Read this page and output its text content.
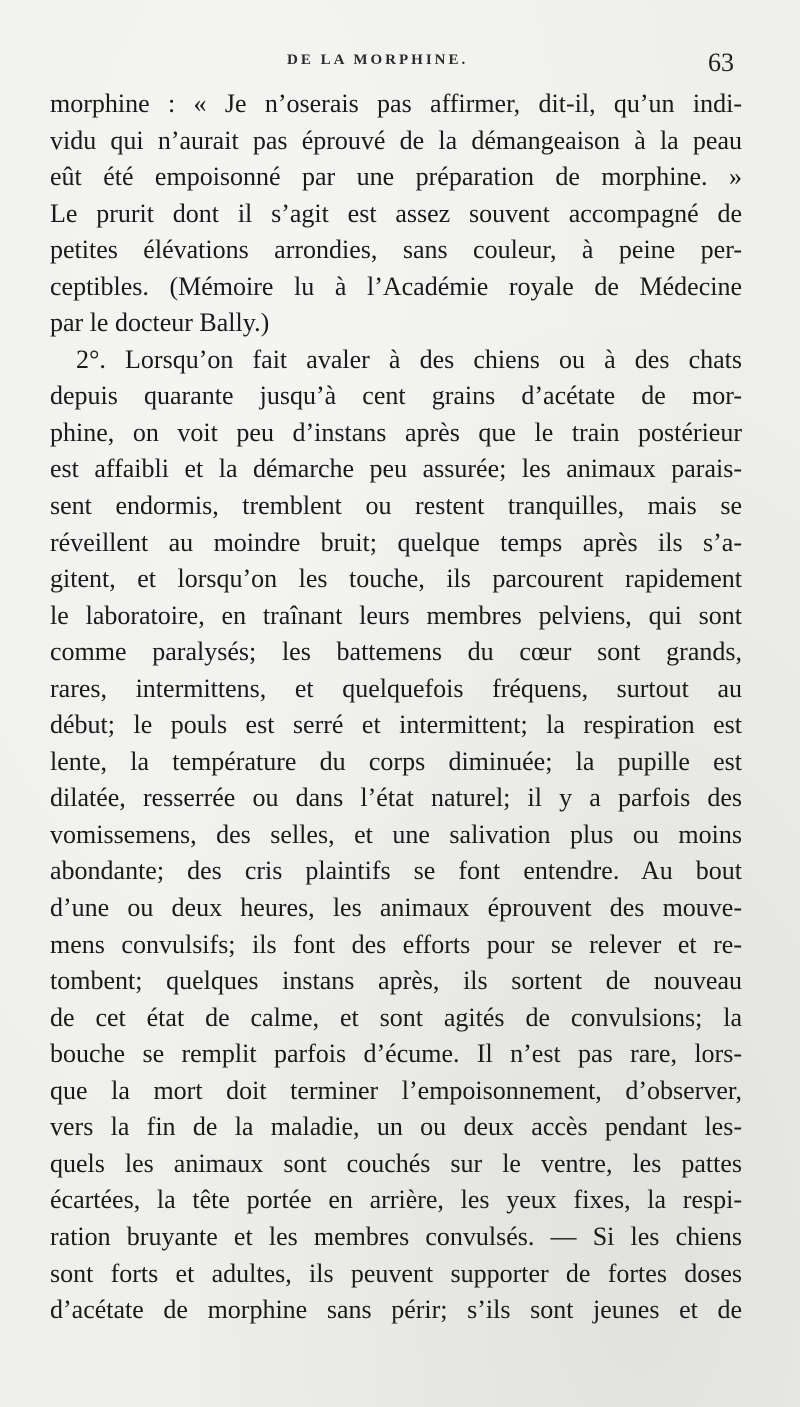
DE LA MORPHINE.	63
morphine : « Je n’oserais pas affirmer, dit-il, qu’un indi-
vidu qui n’aurait pas éprouvé de la démangeaison à la peau
eût été empoisonné par une préparation de morphine. »
Le prurit dont il s’agit est assez souvent accompagné de
petites élévations arrondies, sans couleur, à peine per-
ceptibles. (Mémoire lu à l’Académie royale de Médecine
par le docteur Bally.)
2°. Lorsqu’on fait avaler à des chiens ou à des chats
depuis quarante jusqu’à cent grains d’acétate de mor-
phine, on voit peu d’instans après que le train postérieur
est affaibli et la démarche peu assurée; les animaux parais-
sent endormis, tremblent ou restent tranquilles, mais se
réveillent au moindre bruit; quelque temps après ils s’a-
gitent, et lorsqu’on les touche, ils parcourent rapidement
le laboratoire, en traînant leurs membres pelviens, qui sont
comme paralysés; les battemens du cœur sont grands,
rares, intermittens, et quelquefois fréquens, surtout au
début; le pouls est serré et intermittent; la respiration est
lente, la température du corps diminuée; la pupille est
dilatée, resserrée ou dans l’état naturel; il y a parfois des
vomissemens, des selles, et une salivation plus ou moins
abondante; des cris plaintifs se font entendre. Au bout
d’une ou deux heures, les animaux éprouvent des mouve-
mens convulsifs; ils font des efforts pour se relever et re-
tombent; quelques instans après, ils sortent de nouveau
de cet état de calme, et sont agités de convulsions; la
bouche se remplit parfois d’écume. Il n’est pas rare, lors-
que la mort doit terminer l’empoisonnement, d’observer,
vers la fin de la maladie, un ou deux accès pendant les-
quels les animaux sont couchés sur le ventre, les pattes
écartées, la tête portée en arrière, les yeux fixes, la respi-
ration bruyante et les membres convulsés. — Si les chiens
sont forts et adultes, ils peuvent supporter de fortes doses
d’acétate de morphine sans périr; s’ils sont jeunes et de
